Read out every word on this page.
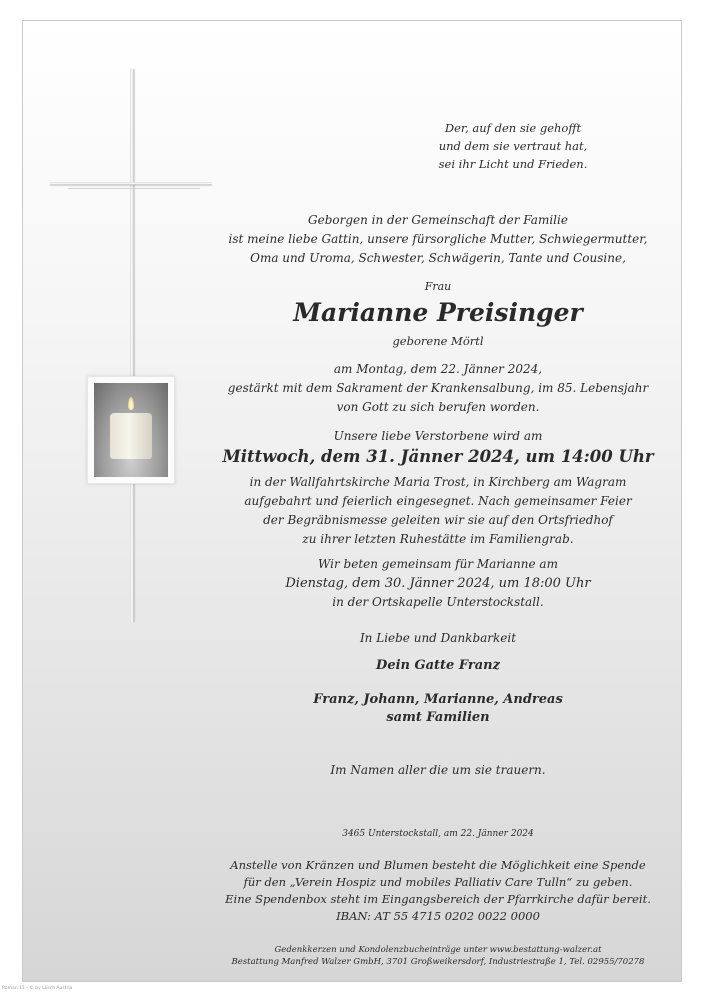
Der, auf den sie gehofft
und dem sie vertraut hat,
sei ihr Licht und Frieden.
Geborgen in der Gemeinschaft der Familie
ist meine liebe Gattin, unsere fürsorgliche Mutter, Schwiegermutter,
Oma und Uroma, Schwester, Schwägerin, Tante und Cousine,
Frau
Marianne Preisinger
geborene Mörtl
am Montag, dem 22. Jänner 2024,
gestärkt mit dem Sakrament der Krankensalbung, im 85. Lebensjahr
von Gott zu sich berufen worden.
Unsere liebe Verstorbene wird am
Mittwoch, dem 31. Jänner 2024, um 14:00 Uhr
in der Wallfahrtskirche Maria Trost, in Kirchberg am Wagram
aufgebahrt und feierlich eingesegnet. Nach gemeinsamer Feier
der Begräbnismesse geleiten wir sie auf den Ortsfriedhof
zu ihrer letzten Ruhestätte im Familiengrab.
Wir beten gemeinsam für Marianne am
Dienstag, dem 30. Jänner 2024, um 18:00 Uhr
in der Ortskapelle Unterstockstall.
In Liebe und Dankbarkeit
Dein Gatte Franz
Franz, Johann, Marianne, Andreas
samt Familien
Im Namen aller die um sie trauern.
3465 Unterstockstall, am 22. Jänner 2024
Anstelle von Kränzen und Blumen besteht die Möglichkeit eine Spende
für den „Verein Hospiz und mobiles Palliativ Care Tulln“ zu geben.
Eine Spendenbox steht im Eingangsbereich der Pfarrkirche dafür bereit.
IBAN: AT 55 4715 0202 0022 0000
Gedenkkerzen und Kondolenzbucheinträge unter www.bestattung-walzer.at
Bestattung Manfred Walzer GmbH, 3701 Großweikersdorf, Industriestraße 1, Tel. 02955/70278
Roman 11 - © by Lösch Austria
